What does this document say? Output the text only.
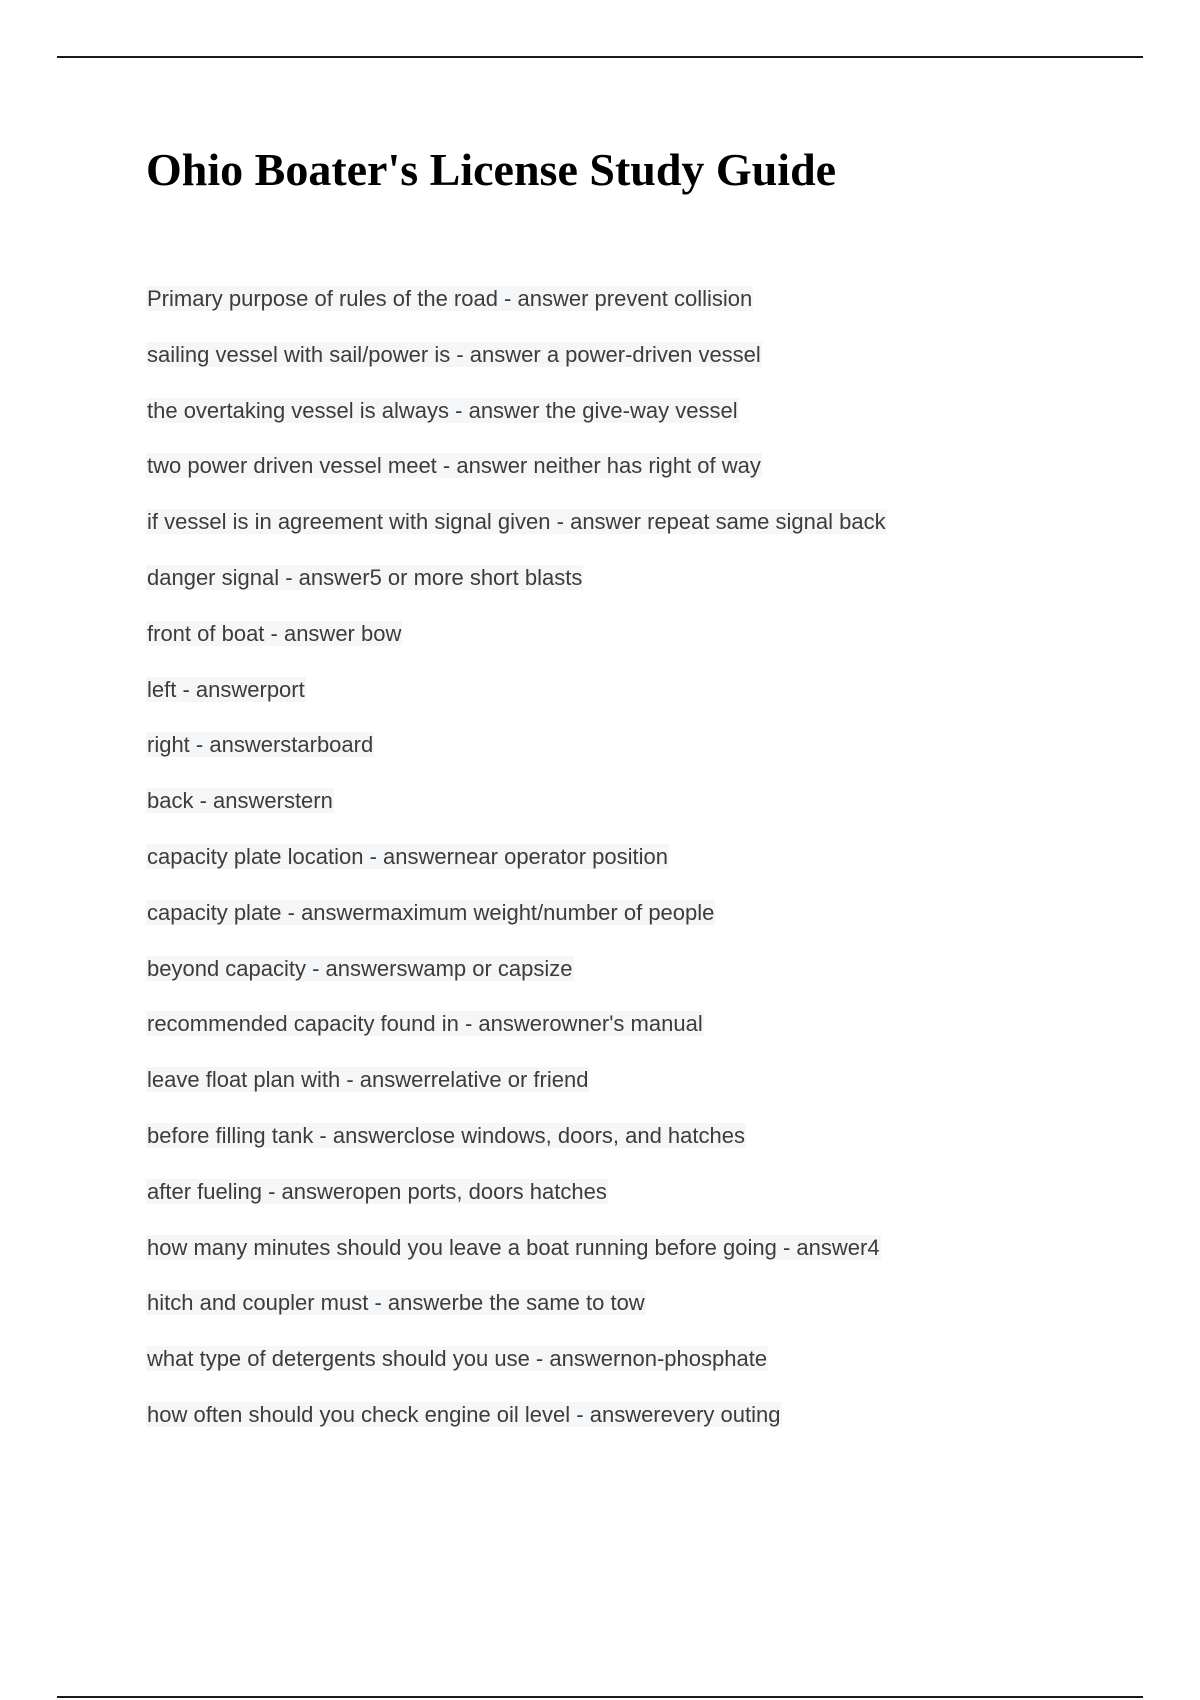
Ohio Boater's License Study Guide
Primary purpose of rules of the road - answer prevent collision
sailing vessel with sail/power is - answer a power-driven vessel
the overtaking vessel is always - answer the give-way vessel
two power driven vessel meet - answer neither has right of way
if vessel is in agreement with signal given - answer repeat same signal back
danger signal - answer5 or more short blasts
front of boat - answer bow
left - answerport
right - answerstarboard
back - answerstern
capacity plate location - answernear operator position
capacity plate - answermaximum weight/number of people
beyond capacity - answerswamp or capsize
recommended capacity found in - answerowner's manual
leave float plan with - answerrelative or friend
before filling tank - answerclose windows, doors, and hatches
after fueling - answeropen ports, doors hatches
how many minutes should you leave a boat running before going - answer4
hitch and coupler must - answerbe the same to tow
what type of detergents should you use - answernon-phosphate
how often should you check engine oil level - answerevery outing
